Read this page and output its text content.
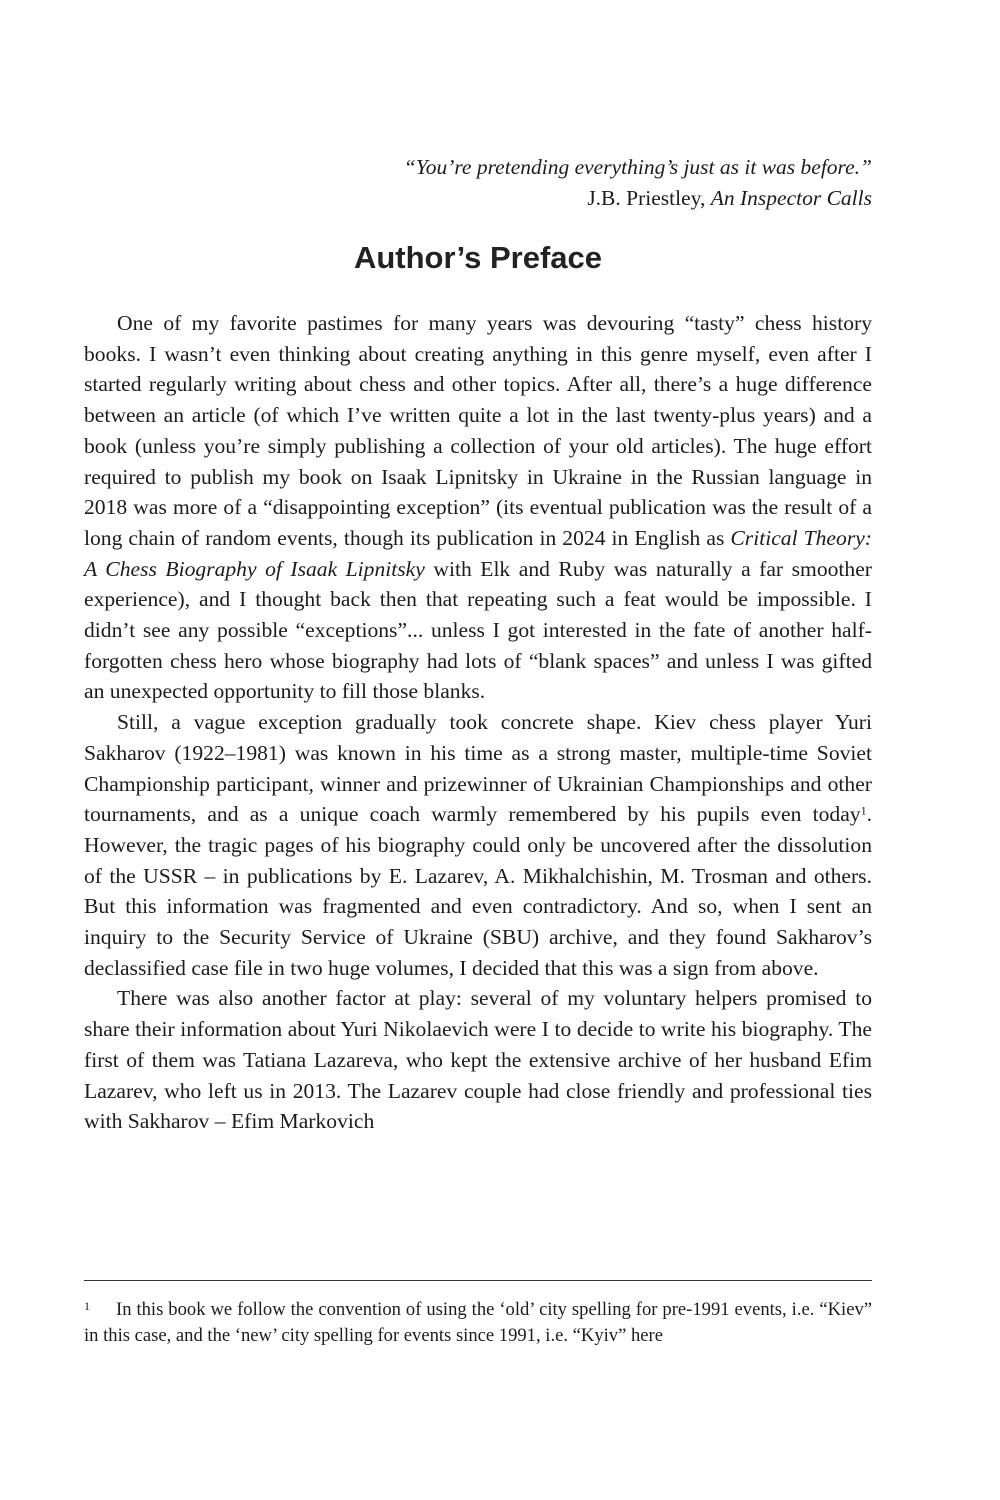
“You’re pretending everything’s just as it was before.”
J.B. Priestley, An Inspector Calls
Author’s Preface

One of my favorite pastimes for many years was devouring “tasty” chess history books. I wasn’t even thinking about creating anything in this genre myself, even after I started regularly writing about chess and other topics. After all, there’s a huge difference between an article (of which I’ve written quite a lot in the last twenty-plus years) and a book (unless you’re simply publishing a collection of your old articles). The huge effort required to publish my book on Isaak Lipnitsky in Ukraine in the Russian language in 2018 was more of a “disappointing exception” (its eventual publication was the result of a long chain of random events, though its publication in 2024 in English as Critical Theory: A Chess Biography of Isaak Lipnitsky with Elk and Ruby was naturally a far smoother experience), and I thought back then that repeating such a feat would be impossible. I didn’t see any possible “exceptions”... unless I got interested in the fate of another half-forgotten chess hero whose biography had lots of “blank spaces” and unless I was gifted an unexpected opportunity to fill those blanks.

Still, a vague exception gradually took concrete shape. Kiev chess player Yuri Sakharov (1922–1981) was known in his time as a strong master, multiple-time Soviet Championship participant, winner and prizewinner of Ukrainian Championships and other tournaments, and as a unique coach warmly remembered by his pupils even today$^1$. However, the tragic pages of his biography could only be uncovered after the dissolution of the USSR – in publications by E. Lazarev, A. Mikhalchishin, M. Trosman and others. But this information was fragmented and even contradictory. And so, when I sent an inquiry to the Security Service of Ukraine (SBU) archive, and they found Sakharov’s declassified case file in two huge volumes, I decided that this was a sign from above.

There was also another factor at play: several of my voluntary helpers promised to share their information about Yuri Nikolaevich were I to decide to write his biography. The first of them was Tatiana Lazareva, who kept the extensive archive of her husband Efim Lazarev, who left us in 2013. The Lazarev couple had close friendly and professional ties with Sakharov – Efim Markovich

1 In this book we follow the convention of using the ‘old’ city spelling for pre-1991 events, i.e. “Kiev” in this case, and the ‘new’ city spelling for events since 1991, i.e. “Kyiv” here
